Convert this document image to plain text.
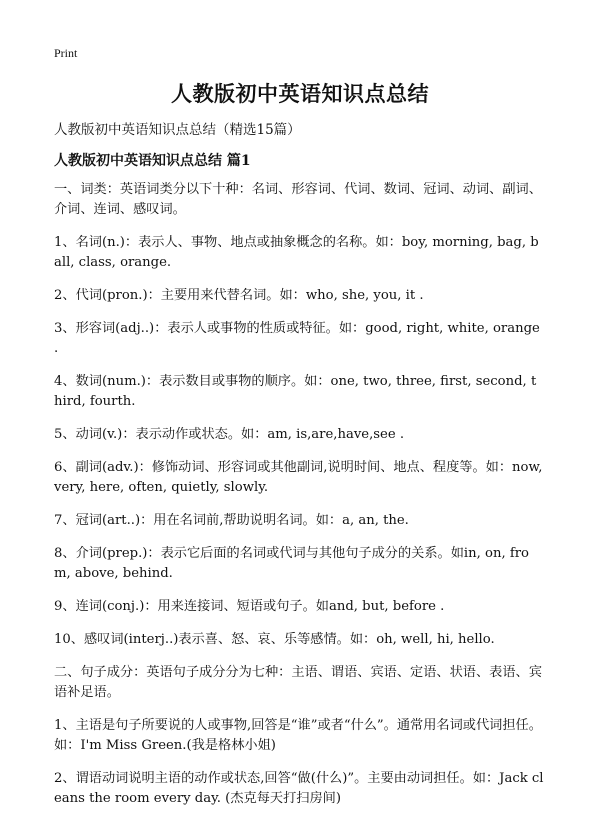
Print
人教版初中英语知识点总结
人教版初中英语知识点总结（精选15篇）
人教版初中英语知识点总结 篇1

一、词类：英语词类分以下十种：名词、形容词、代词、数词、冠词、动词、副词、介词、连词、感叹词。

1、名词(n.)：表示人、事物、地点或抽象概念的名称。如：boy, morning, bag, ball, class, orange.

2、代词(pron.)：主要用来代替名词。如：who, she, you, it .

3、形容词(adj..)：表示人或事物的性质或特征。如：good, right, white, orange .

4、数词(num.)：表示数目或事物的顺序。如：one, two, three, first, second, third, fourth.

5、动词(v.)：表示动作或状态。如：am, is,are,have,see .

6、副词(adv.)：修饰动词、形容词或其他副词,说明时间、地点、程度等。如：now, very, here, often, quietly, slowly.

7、冠词(art..)：用在名词前,帮助说明名词。如：a, an, the.

8、介词(prep.)：表示它后面的名词或代词与其他句子成分的关系。如in, on, from, above, behind.

9、连词(conj.)：用来连接词、短语或句子。如and, but, before .

10、感叹词(interj..)表示喜、怒、哀、乐等感情。如：oh, well, hi, hello.

二、句子成分：英语句子成分分为七种：主语、谓语、宾语、定语、状语、表语、宾语补足语。

1、主语是句子所要说的人或事物,回答是“谁”或者“什么”。通常用名词或代词担任。如：I'm Miss Green.(我是格林小姐)

2、谓语动词说明主语的动作或状态,回答“做(什么)”。主要由动词担任。如：Jack cleans the room every day. (杰克每天打扫房间)
